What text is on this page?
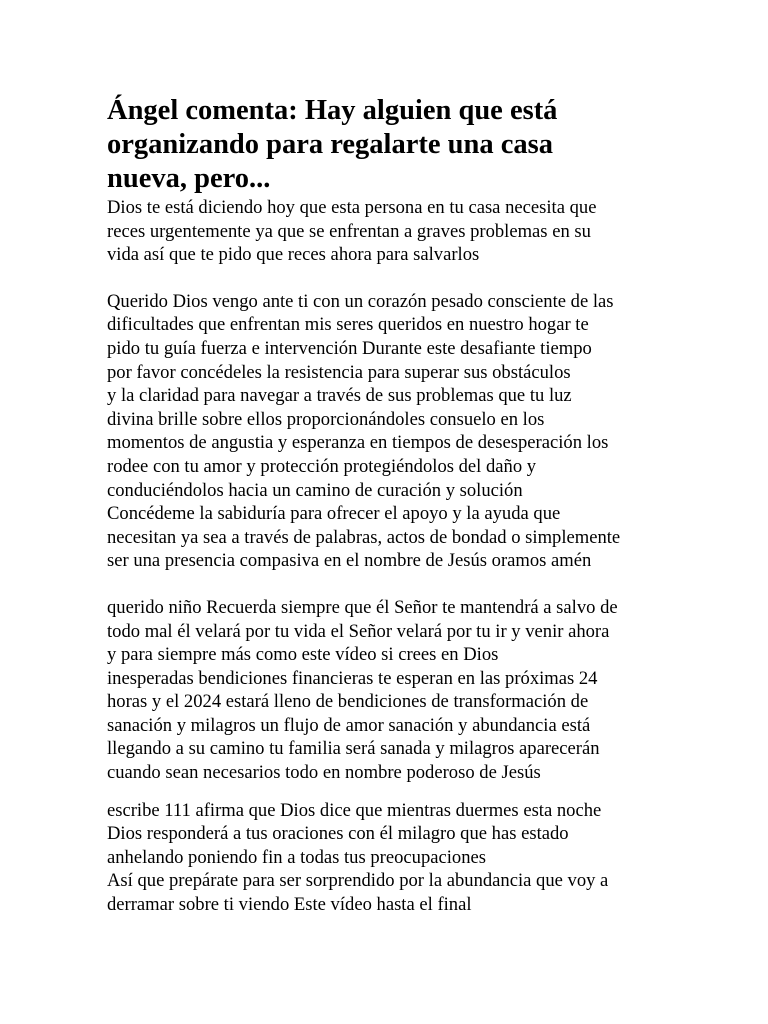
Ángel comenta: Hay alguien que está
organizando para regalarte una casa
nueva, pero...
Dios te está diciendo hoy que esta persona en tu casa necesita que
reces urgentemente ya que se enfrentan a graves problemas en su
vida así que te pido que reces ahora para salvarlos
Querido Dios vengo ante ti con un corazón pesado consciente de las
dificultades que enfrentan mis seres queridos en nuestro hogar te
pido tu guía fuerza e intervención Durante este desafiante tiempo
por favor concédeles la resistencia para superar sus obstáculos
y la claridad para navegar a través de sus problemas que tu luz
divina brille sobre ellos proporcionándoles consuelo en los
momentos de angustia y esperanza en tiempos de desesperación los
rodee con tu amor y protección protegiéndolos del daño y
conduciéndolos hacia un camino de curación y solución
Concédeme la sabiduría para ofrecer el apoyo y la ayuda que
necesitan ya sea a través de palabras, actos de bondad o simplemente
ser una presencia compasiva en el nombre de Jesús oramos amén
querido niño Recuerda siempre que él Señor te mantendrá a salvo de
todo mal él velará por tu vida el Señor velará por tu ir y venir ahora
y para siempre más como este vídeo si crees en Dios
inesperadas bendiciones financieras te esperan en las próximas 24
horas y el 2024 estará lleno de bendiciones de transformación de
sanación y milagros un flujo de amor sanación y abundancia está
llegando a su camino tu familia será sanada y milagros aparecerán
cuando sean necesarios todo en nombre poderoso de Jesús
escribe 111 afirma que Dios dice que mientras duermes esta noche
Dios responderá a tus oraciones con él milagro que has estado
anhelando poniendo fin a todas tus preocupaciones
Así que prepárate para ser sorprendido por la abundancia que voy a
derramar sobre ti viendo Este vídeo hasta el final
